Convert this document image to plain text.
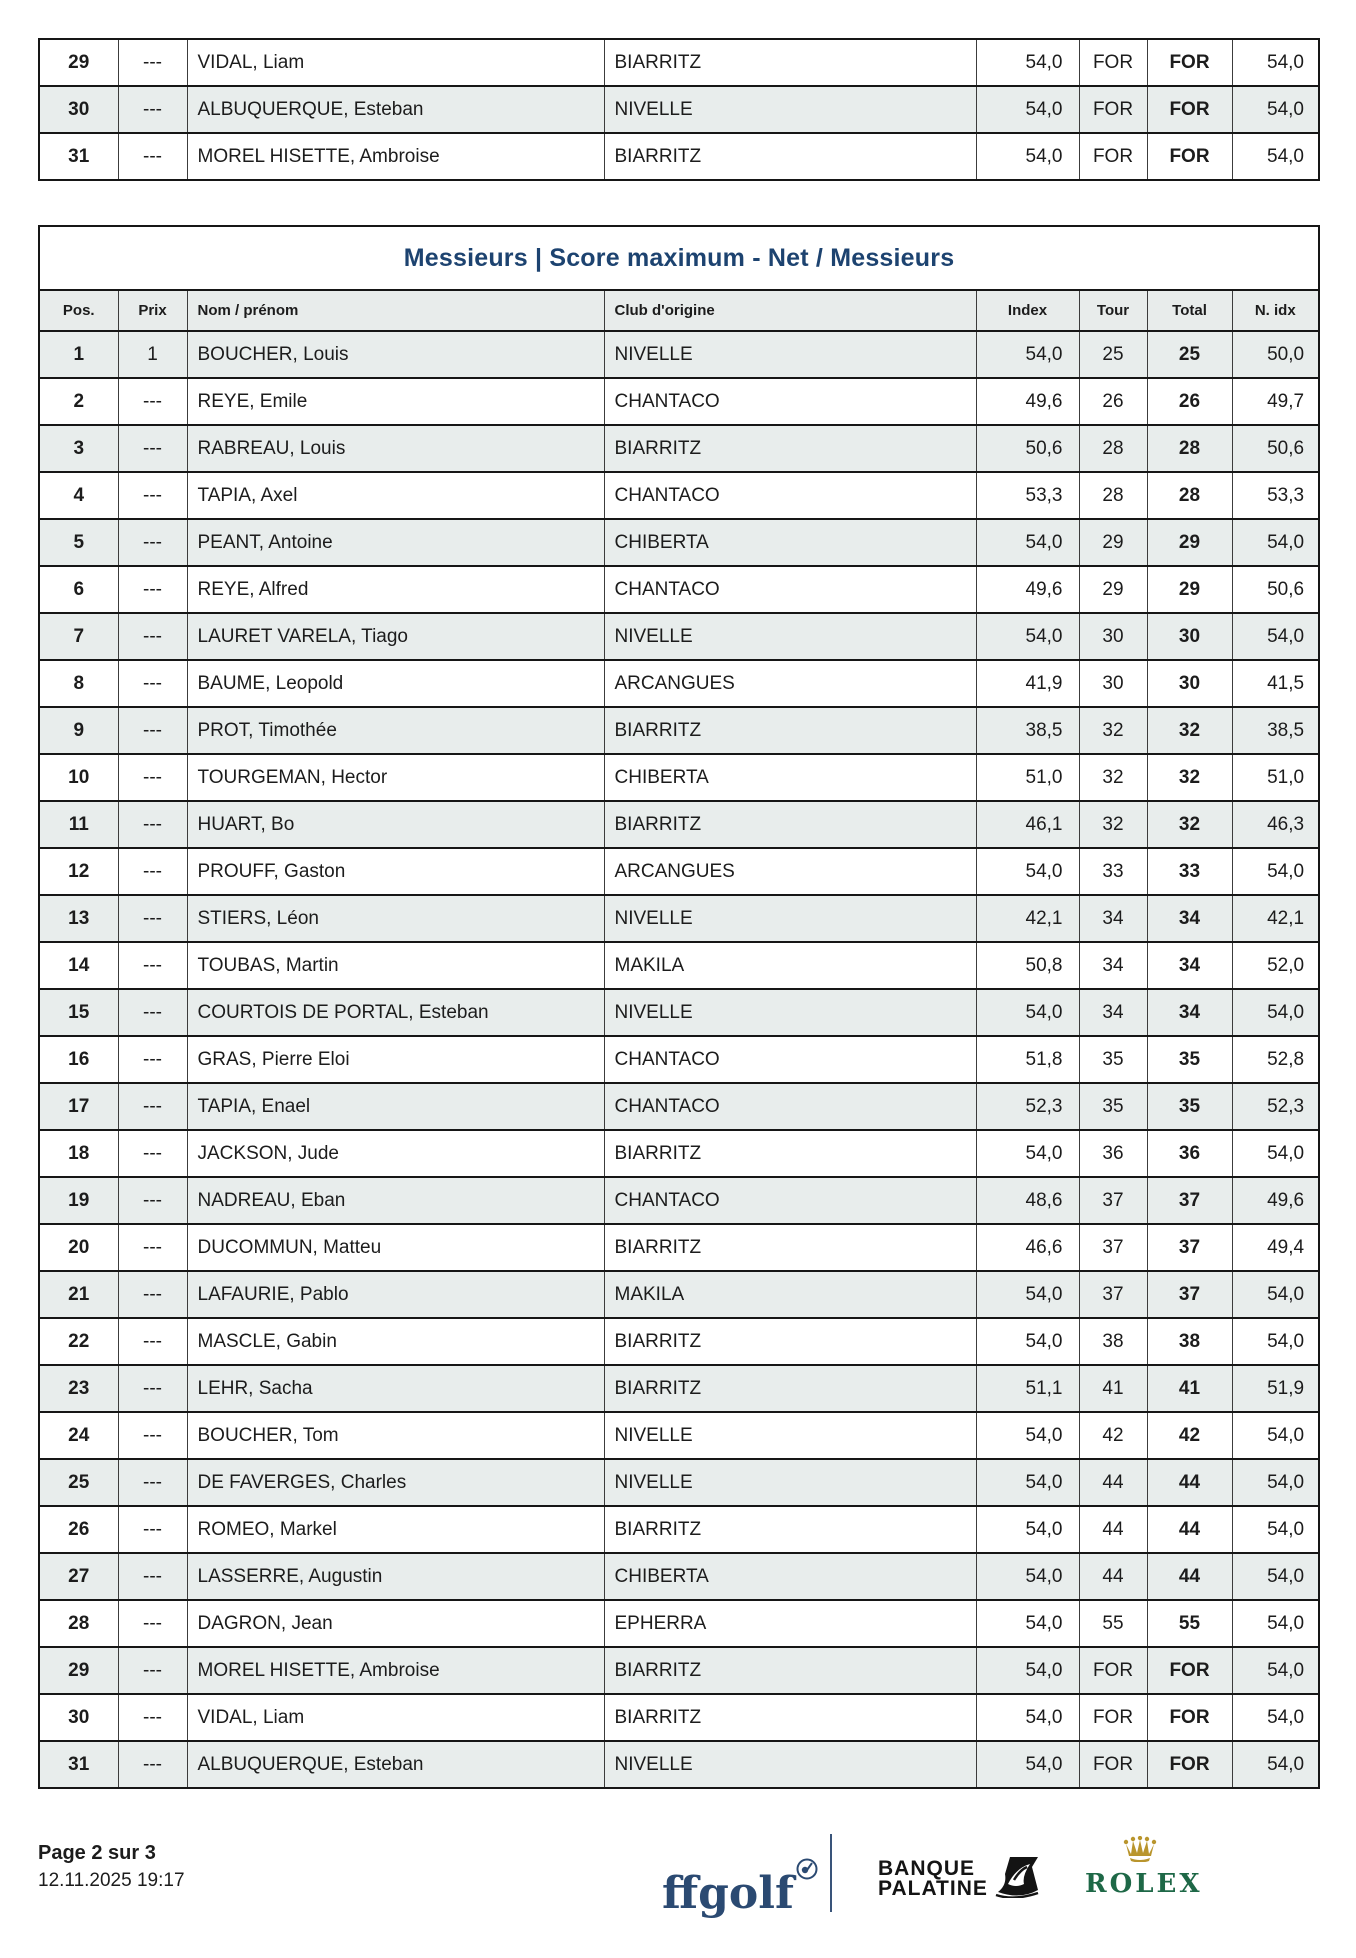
29	---	VIDAL, Liam	BIARRITZ	54,0	FOR	FOR	54,0
30	---	ALBUQUERQUE, Esteban	NIVELLE	54,0	FOR	FOR	54,0
31	---	MOREL HISETTE, Ambroise	BIARRITZ	54,0	FOR	FOR	54,0
Messieurs | Score maximum - Net / Messieurs							
Pos.	Prix	Nom / prénom	Club d'origine	Index	Tour	Total	N. idx
1	1	BOUCHER, Louis	NIVELLE	54,0	25	25	50,0
2	---	REYE, Emile	CHANTACO	49,6	26	26	49,7
3	---	RABREAU, Louis	BIARRITZ	50,6	28	28	50,6
4	---	TAPIA, Axel	CHANTACO	53,3	28	28	53,3
5	---	PEANT, Antoine	CHIBERTA	54,0	29	29	54,0
6	---	REYE, Alfred	CHANTACO	49,6	29	29	50,6
7	---	LAURET VARELA, Tiago	NIVELLE	54,0	30	30	54,0
8	---	BAUME, Leopold	ARCANGUES	41,9	30	30	41,5
9	---	PROT, Timothée	BIARRITZ	38,5	32	32	38,5
10	---	TOURGEMAN, Hector	CHIBERTA	51,0	32	32	51,0
11	---	HUART, Bo	BIARRITZ	46,1	32	32	46,3
12	---	PROUFF, Gaston	ARCANGUES	54,0	33	33	54,0
13	---	STIERS, Léon	NIVELLE	42,1	34	34	42,1
14	---	TOUBAS, Martin	MAKILA	50,8	34	34	52,0
15	---	COURTOIS DE PORTAL, Esteban	NIVELLE	54,0	34	34	54,0
16	---	GRAS, Pierre Eloi	CHANTACO	51,8	35	35	52,8
17	---	TAPIA, Enael	CHANTACO	52,3	35	35	52,3
18	---	JACKSON, Jude	BIARRITZ	54,0	36	36	54,0
19	---	NADREAU, Eban	CHANTACO	48,6	37	37	49,6
20	---	DUCOMMUN, Matteu	BIARRITZ	46,6	37	37	49,4
21	---	LAFAURIE, Pablo	MAKILA	54,0	37	37	54,0
22	---	MASCLE, Gabin	BIARRITZ	54,0	38	38	54,0
23	---	LEHR, Sacha	BIARRITZ	51,1	41	41	51,9
24	---	BOUCHER, Tom	NIVELLE	54,0	42	42	54,0
25	---	DE FAVERGES, Charles	NIVELLE	54,0	44	44	54,0
26	---	ROMEO, Markel	BIARRITZ	54,0	44	44	54,0
27	---	LASSERRE, Augustin	CHIBERTA	54,0	44	44	54,0
28	---	DAGRON, Jean	EPHERRA	54,0	55	55	54,0
29	---	MOREL HISETTE, Ambroise	BIARRITZ	54,0	FOR	FOR	54,0
30	---	VIDAL, Liam	BIARRITZ	54,0	FOR	FOR	54,0
31	---	ALBUQUERQUE, Esteban	NIVELLE	54,0	FOR	FOR	54,0
Page 2 sur 3
12.11.2025 19:17	ffgolf	BANQUE
PALATINE	ROLEX
